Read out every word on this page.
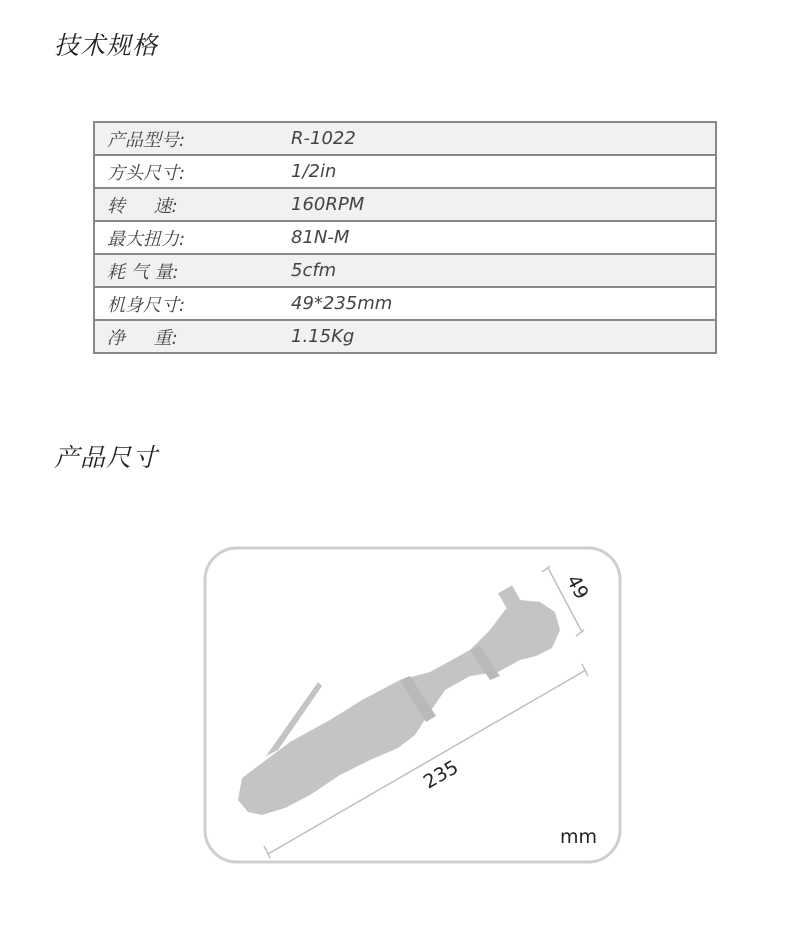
技术规格
产品型号:	R-1022
方头尺寸:	1/2in
转     速:	160RPM
最大扭力:	81N-M
耗 气 量:	5cfm
机身尺寸:	49*235mm
净     重:	1.15Kg
产品尺寸
49
235
mm
